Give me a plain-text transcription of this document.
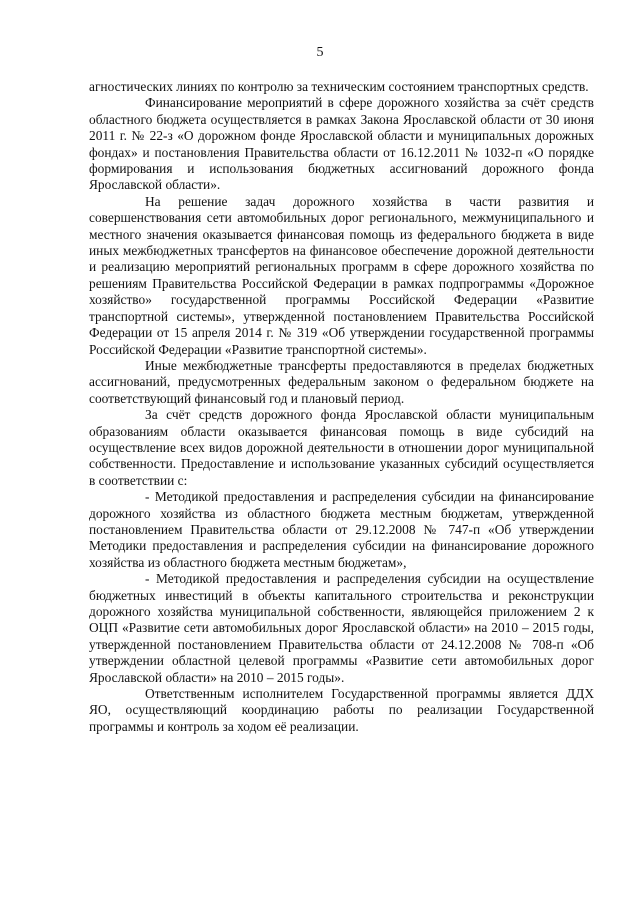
5

агностических линиях по контролю за техническим состоянием транспортных средств.

Финансирование мероприятий в сфере дорожного хозяйства за счёт средств областного бюджета осуществляется в рамках Закона Ярославской области от 30 июня 2011 г. № 22-з «О дорожном фонде Ярославской области и муниципальных дорожных фондах» и постановления Правительства области от 16.12.2011 № 1032-п «О порядке формирования и использования бюджетных ассигнований дорожного фонда Ярославской области».

На решение задач дорожного хозяйства в части развития и совершенствования сети автомобильных дорог регионального, межмуниципального и местного значения оказывается финансовая помощь из федерального бюджета в виде иных межбюджетных трансфертов на финансовое обеспечение дорожной деятельности и реализацию мероприятий региональных программ в сфере дорожного хозяйства по решениям Правительства Российской Федерации в рамках подпрограммы «Дорожное хозяйство» государственной программы Российской Федерации «Развитие транспортной системы», утвержденной постановлением Правительства Российской Федерации от 15 апреля 2014 г. № 319 «Об утверждении государственной программы Российской Федерации «Развитие транспортной системы».

Иные межбюджетные трансферты предоставляются в пределах бюджетных ассигнований, предусмотренных федеральным законом о федеральном бюджете на соответствующий финансовый год и плановый период.

За счёт средств дорожного фонда Ярославской области муниципальным образованиям области оказывается финансовая помощь в виде субсидий на осуществление всех видов дорожной деятельности в отношении дорог муниципальной собственности. Предоставление и использование указанных субсидий осуществляется в соответствии с:

- Методикой предоставления и распределения субсидии на финансирование дорожного хозяйства из областного бюджета местным бюджетам, утвержденной постановлением Правительства области от 29.12.2008 № 747-п «Об утверждении Методики предоставления и распределения субсидии на финансирование дорожного хозяйства из областного бюджета местным бюджетам»,

- Методикой предоставления и распределения субсидии на осуществление бюджетных инвестиций в объекты капитального строительства и реконструкции дорожного хозяйства муниципальной собственности, являющейся приложением 2 к ОЦП «Развитие сети автомобильных дорог Ярославской области» на 2010 – 2015 годы, утвержденной постановлением Правительства области от 24.12.2008 № 708-п «Об утверждении областной целевой программы «Развитие сети автомобильных дорог Ярославской области» на 2010 – 2015 годы».

Ответственным исполнителем Государственной программы является ДДХ ЯО, осуществляющий координацию работы по реализации Государственной программы и контроль за ходом её реализации.
